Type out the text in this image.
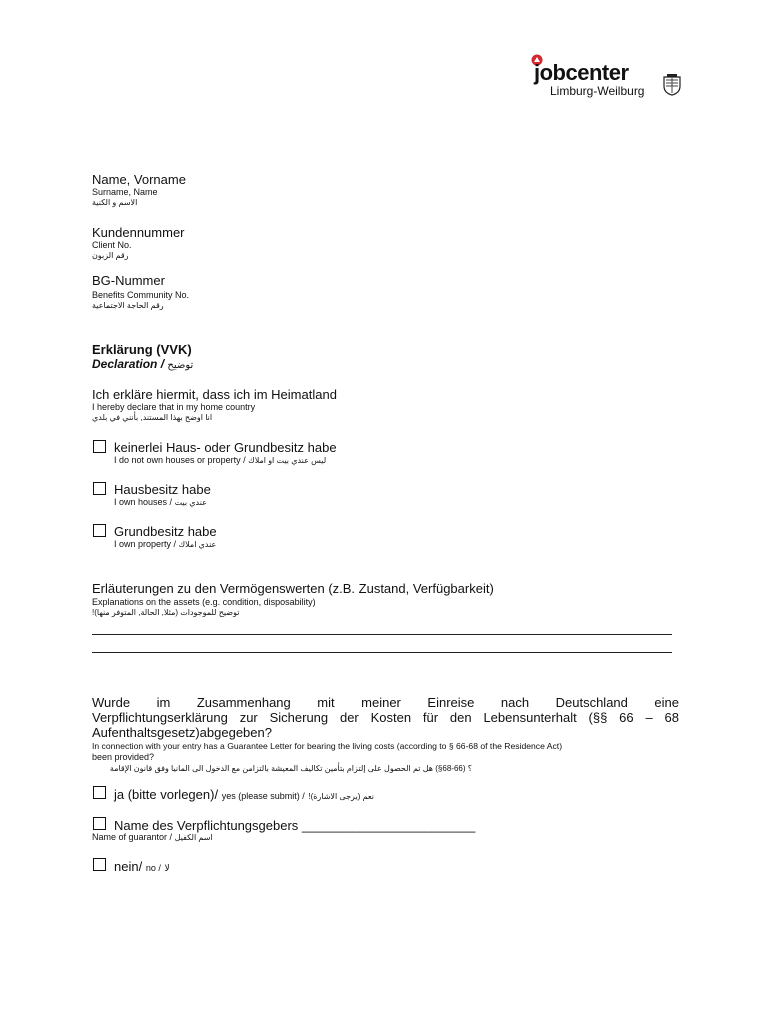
jobcenter
Limburg-Weilburg
Name, Vorname
Surname, Name
الاسم و الكنية
Kundennummer
Client No.
رقم الزبون
BG-Nummer
Benefits Community No.
رقم الحاجة الاجتماعية
Erklärung (VVK)
Declaration / توضيح
Ich erkläre hiermit, dass ich im Heimatland
I hereby declare that in my home country
انا اوضح بهذا المستند, بأنني في بلدي
keinerlei Haus- oder Grundbesitz habe
I do not own houses or property / ليس عندي بيت او املاك
Hausbesitz habe
I own houses / عندي بيت
Grundbesitz habe
I own property / عندي املاك
Erläuterungen zu den Vermögenswerten (z.B. Zustand, Verfügbarkeit)
Explanations on the assets (e.g. condition, disposability)
توضيح للموجودات (مثلا, الحالة, المتوفر منها)!
Wurde im Zusammenhang mit meiner Einreise nach Deutschland eine
Verpflichtungserklärung zur Sicherung der Kosten für den Lebensunterhalt (§§ 66 – 68
Aufenthaltsgesetz)abgegeben?
In connection with your entry has a Guarantee Letter for bearing the living costs (according to § 66-68 of the Residence Act)
been provided?
؟ (66-68§) هل تم الحصول على إلتزام بتأمين تكاليف المعيشة بالتزامن مع الدخول الى المانيا وفق قانون الإقامة
ja (bitte vorlegen)/ yes (please submit) / نعم (يرجى الاشارة)!
Name des Verpflichtungsgebers ________________________
Name of guarantor / اسم الكفيل
nein/ no / لا
